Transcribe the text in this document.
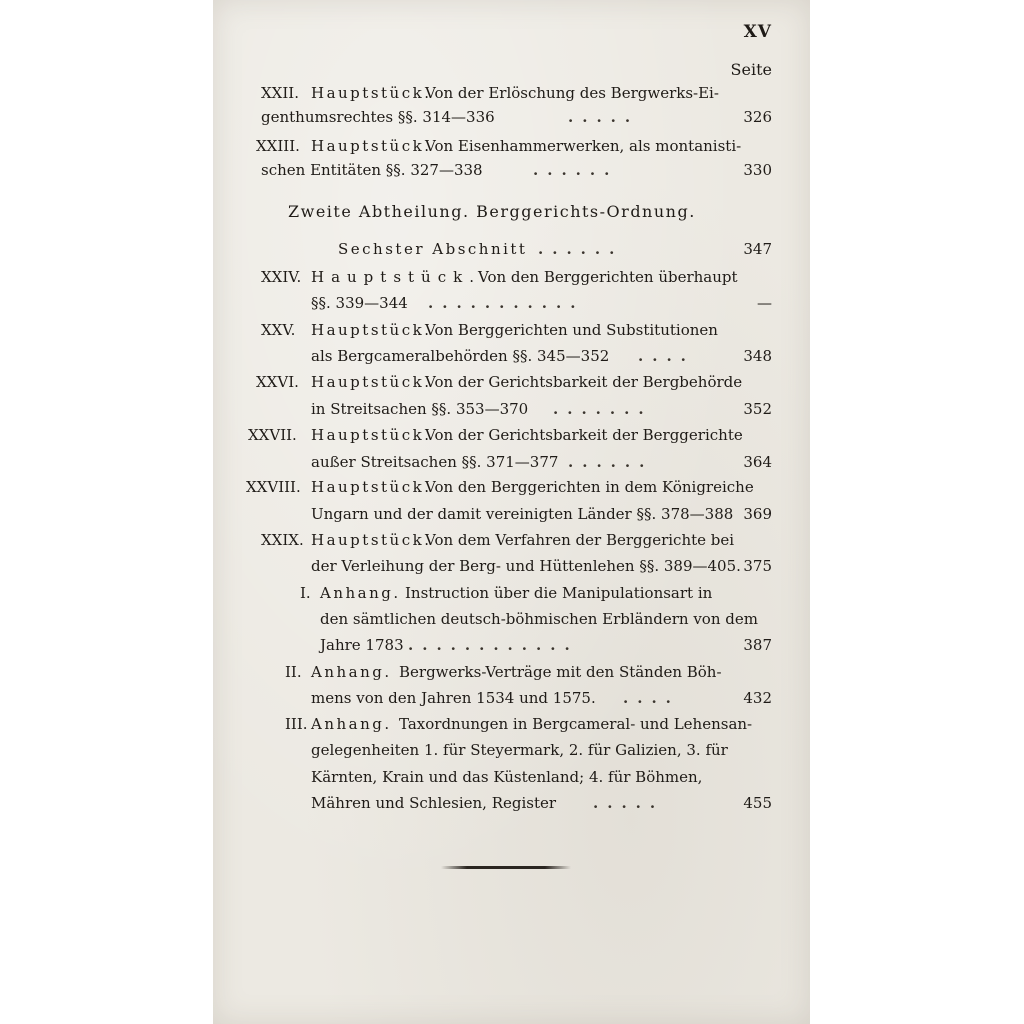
XV
Seite
XXII. Hauptstück.
Von der Erlöschung des Bergwerks-Ei-
genthumsrechtes §§. 314—336	.....	326
XXIII. Hauptstück.
Von Eisenhammerwerken, als montanisti-
schen Entitäten §§. 327—338	......	330
Zweite Abtheilung. Berggerichts-Ordnung.
Sechster Abschnitt ......	347
XXIV. Hauptstück.
Von den Berggerichten überhaupt
§§. 339—344 ...........	—
XXV. Hauptstück.
Von Berggerichten und Substitutionen
als Bergcameralbehörden §§. 345—352 ....	348
XXVI. Hauptstück.
Von der Gerichtsbarkeit der Bergbehörde
in Streitsachen §§. 353—370 .......	352
XXVII. Hauptstück.
Von der Gerichtsbarkeit der Berggerichte
außer Streitsachen §§. 371—377 ......	364
XXVIII. Hauptstück.
Von den Berggerichten in dem Königreiche
Ungarn und der damit vereinigten Länder §§. 378—388 369
XXIX. Hauptstück.
Von dem Verfahren der Berggerichte bei
der Verleihung der Berg- und Hüttenlehen §§. 389—405. 375
I. Anhang. Instruction über die Manipulationsart in
den sämtlichen deutsch-böhmischen Erbländern von dem
Jahre 1783 ............	387
II. Anhang. Bergwerks-Verträge mit den Ständen Böh-
mens von den Jahren 1534 und 1575. ....	432
III. Anhang. Taxordnungen in Bergcameral- und Lehensan-
gelegenheiten 1. für Steyermark, 2. für Galizien, 3. für
Kärnten, Krain und das Küstenland; 4. für Böhmen,
Mähren und Schlesien, Register .....	455
